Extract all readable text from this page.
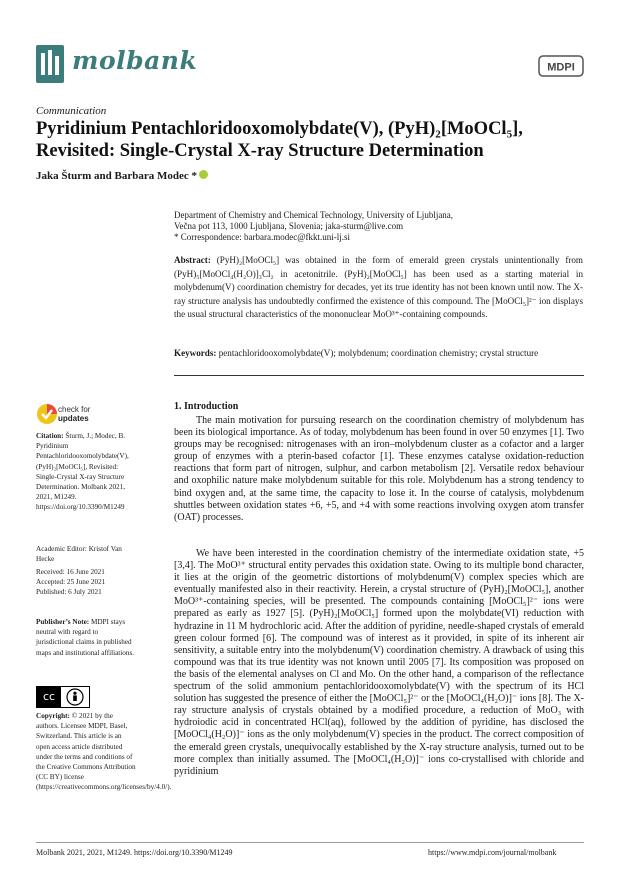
molbank	MDPI
Communication
Pyridinium Pentachloridooxomolybdate(V), (PyH)₂[MoOCl₅], Revisited: Single-Crystal X-ray Structure Determination
Jaka Šturm and Barbara Modec *
Department of Chemistry and Chemical Technology, University of Ljubljana,
Večna pot 113, 1000 Ljubljana, Slovenia; jaka-sturm@live.com
* Correspondence: barbara.modec@fkkt.uni-lj.si
Abstract: (PyH)₂[MoOCl₅] was obtained in the form of emerald green crystals unintentionally from (PyH)₅[MoOCl₄(H₂O)]₃Cl₂ in acetonitrile. (PyH)₂[MoOCl₅] has been used as a starting material in molybdenum(V) coordination chemistry for decades, yet its true identity has not been known until now. The X-ray structure analysis has undoubtedly confirmed the existence of this compound. The [MoOCl₅]²⁻ ion displays the usual structural characteristics of the mononuclear MoO³⁺-containing compounds.
Keywords: pentachloridooxomolybdate(V); molybdenum; coordination chemistry; crystal structure
check for
updates
Citation: Šturm, J.; Modec, B. Pyridinium Pentachloridooxomolybdate(V), (PyH)₂[MoOCl₅], Revisited: Single-Crystal X-ray Structure Determination. Molbank 2021, 2021, M1249. https://doi.org/10.3390/M1249
Academic Editor: Kristof Van Hecke
Received: 16 June 2021
Accepted: 25 June 2021
Published: 6 July 2021
Publisher’s Note: MDPI stays neutral with regard to jurisdictional claims in published maps and institutional affiliations.
cc
Copyright: © 2021 by the authors. Licensee MDPI, Basel, Switzerland. This article is an open access article distributed under the terms and conditions of the Creative Commons Attribution (CC BY) license (https://creativecommons.org/licenses/by/4.0/).
1. Introduction
The main motivation for pursuing research on the coordination chemistry of molybdenum has been its biological importance. As of today, molybdenum has been found in over 50 enzymes [1]. Two groups may be recognised: nitrogenases with an iron–molybdenum cluster as a cofactor and a larger group of enzymes with a pterin-based cofactor [1]. These enzymes catalyse oxidation-reduction reactions that form part of nitrogen, sulphur, and carbon metabolism [2]. Versatile redox behaviour and oxophilic nature make molybdenum suitable for this role. Molybdenum has a strong tendency to bind oxygen and, at the same time, the capacity to lose it. In the course of catalysis, molybdenum shuttles between oxidation states +6, +5, and +4 with some reactions involving oxygen atom transfer (OAT) processes.
We have been interested in the coordination chemistry of the intermediate oxidation state, +5 [3,4]. The MoO³⁺ structural entity pervades this oxidation state. Owing to its multiple bond character, it lies at the origin of the geometric distortions of molybdenum(V) complex species which are eventually manifested also in their reactivity. Herein, a crystal structure of (PyH)₂[MoOCl₅], another MoO³⁺-containing species, will be presented. The compounds containing [MoOCl₅]²⁻ ions were prepared as early as 1927 [5]. (PyH)₂[MoOCl₅] formed upon the molybdate(VI) reduction with hydrazine in 11 M hydrochloric acid. After the addition of pyridine, needle-shaped crystals of emerald green colour formed [6]. The compound was of interest as it provided, in spite of its inherent air sensitivity, a suitable entry into the molybdenum(V) coordination chemistry. A drawback of using this compound was that its true identity was not known until 2005 [7]. Its composition was proposed on the basis of the elemental analyses on Cl and Mo. On the other hand, a comparison of the reflectance spectrum of the solid ammonium pentachloridooxomolybdate(V) with the spectrum of its HCl solution has suggested the presence of either the [MoOCl₅]²⁻ or the [MoOCl₄(H₂O)]⁻ ions [8]. The X-ray structure analysis of crystals obtained by a modified procedure, a reduction of MoO₃ with hydroiodic acid in concentrated HCl(aq), followed by the addition of pyridine, has disclosed the [MoOCl₄(H₂O)]⁻ ions as the only molybdenum(V) species in the product. The correct composition of the emerald green crystals, unequivocally established by the X-ray structure analysis, turned out to be more complex than initially assumed. The [MoOCl₄(H₂O)]⁻ ions co-crystallised with chloride and pyridinium
Molbank 2021, 2021, M1249. https://doi.org/10.3390/M1249	https://www.mdpi.com/journal/molbank
